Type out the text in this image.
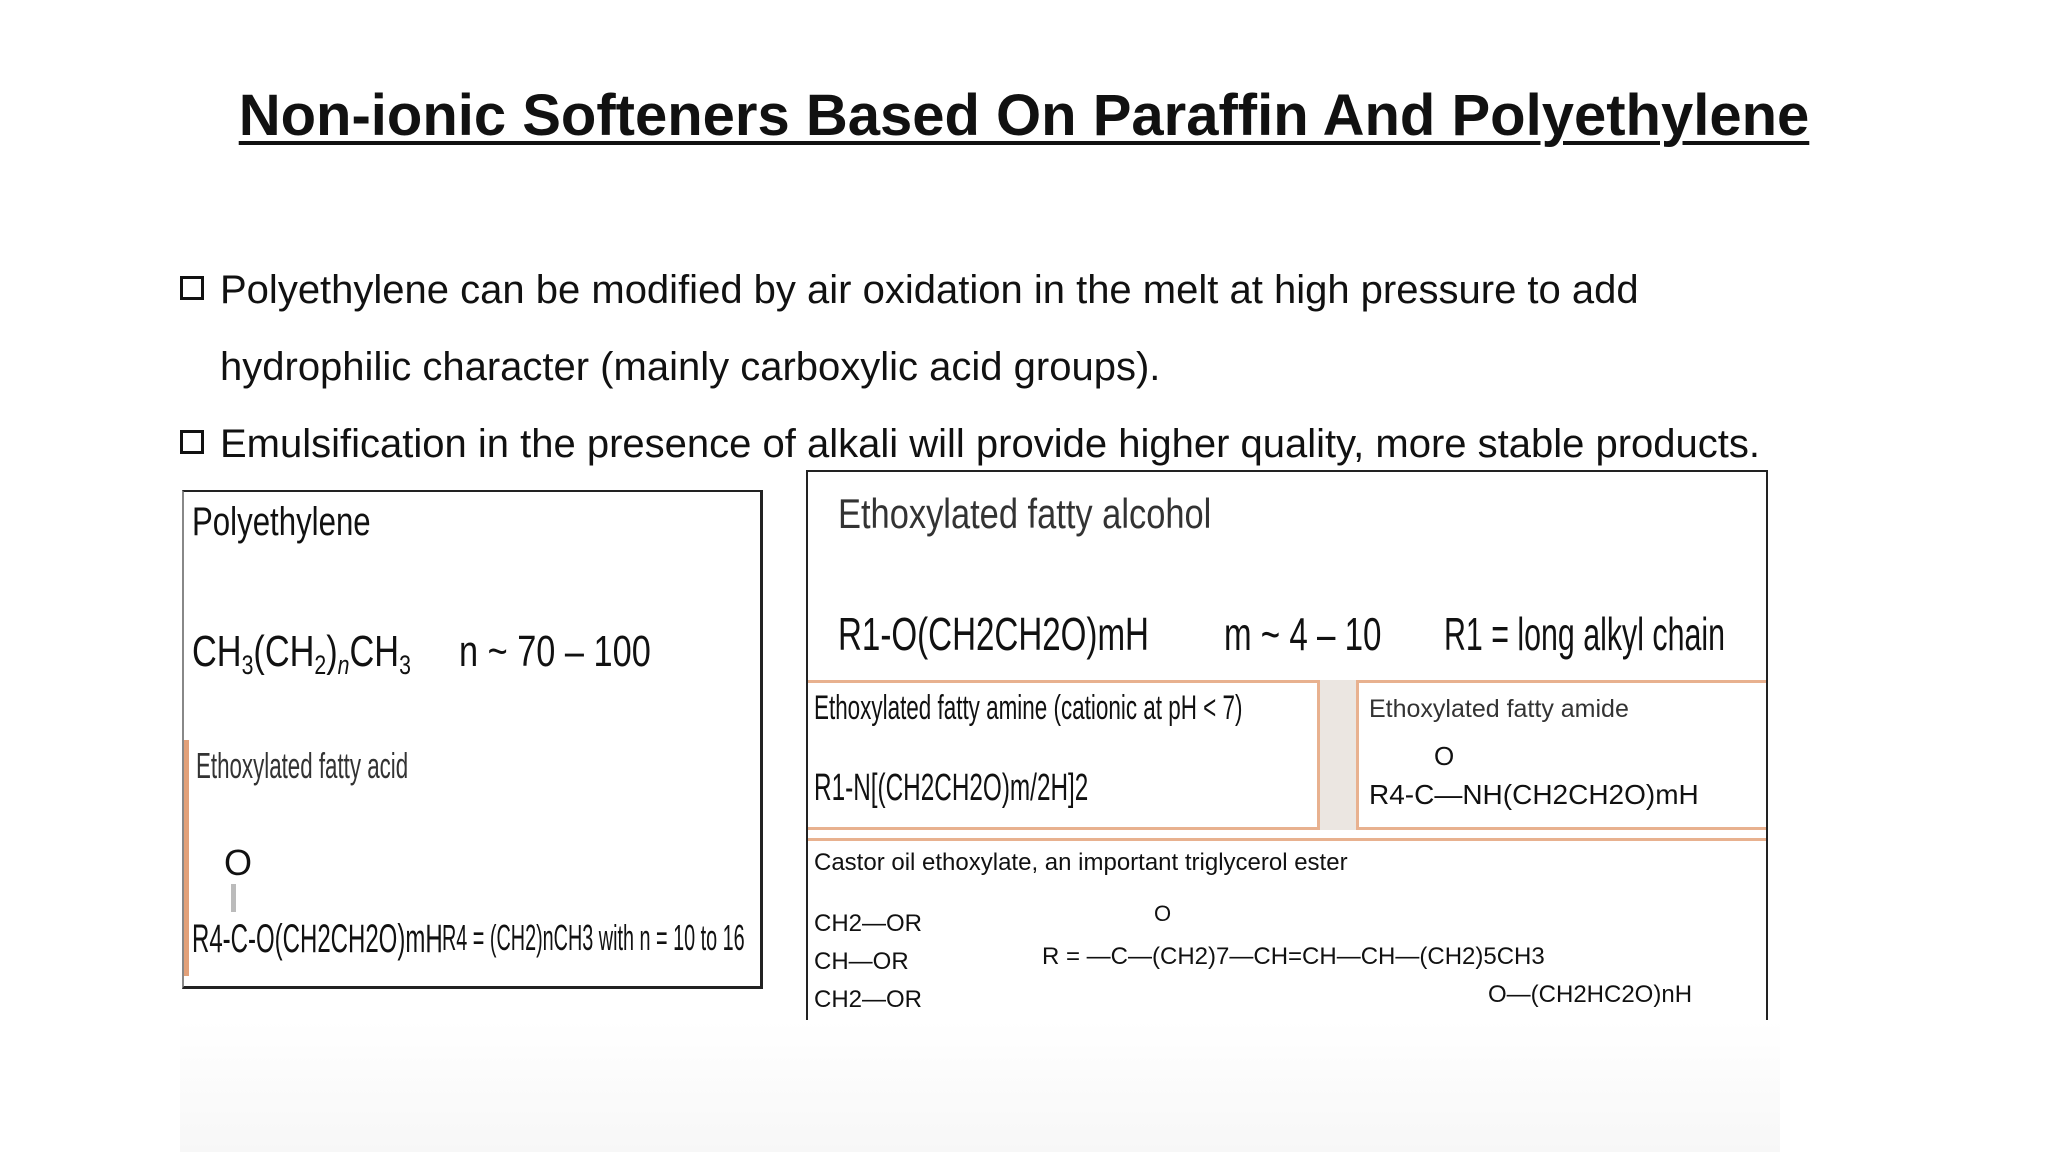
Non-ionic Softeners Based On Paraffin And Polyethylene
Polyethylene can be modified by air oxidation in the melt at high pressure to add
hydrophilic character (mainly carboxylic acid groups).
Emulsification in the presence of alkali will provide higher quality, more stable products.
Polyethylene
$CH_3(CH_2)_nCH_3$	n ~ 70 – 100
Ethoxylated fatty acid
O
R4-C-O(CH2CH2O)mH R4 = (CH2)nCH3 with n = 10 to 16
Ethoxylated fatty alcohol
R1-O(CH2CH2O)mH	m ~ 4 – 10	R1 = long alkyl chain
Ethoxylated fatty amine (cationic at pH < 7)
R1-N[(CH2CH2O)m/2H]2
Ethoxylated fatty amide
O
R4-C—NH(CH2CH2O)mH
Castor oil ethoxylate, an important triglycerol ester
CH2—OR
CH—OR
CH2—OR
O
R = —C—(CH2)7—CH=CH—CH—(CH2)5CH3
O—(CH2HC2O)nH
